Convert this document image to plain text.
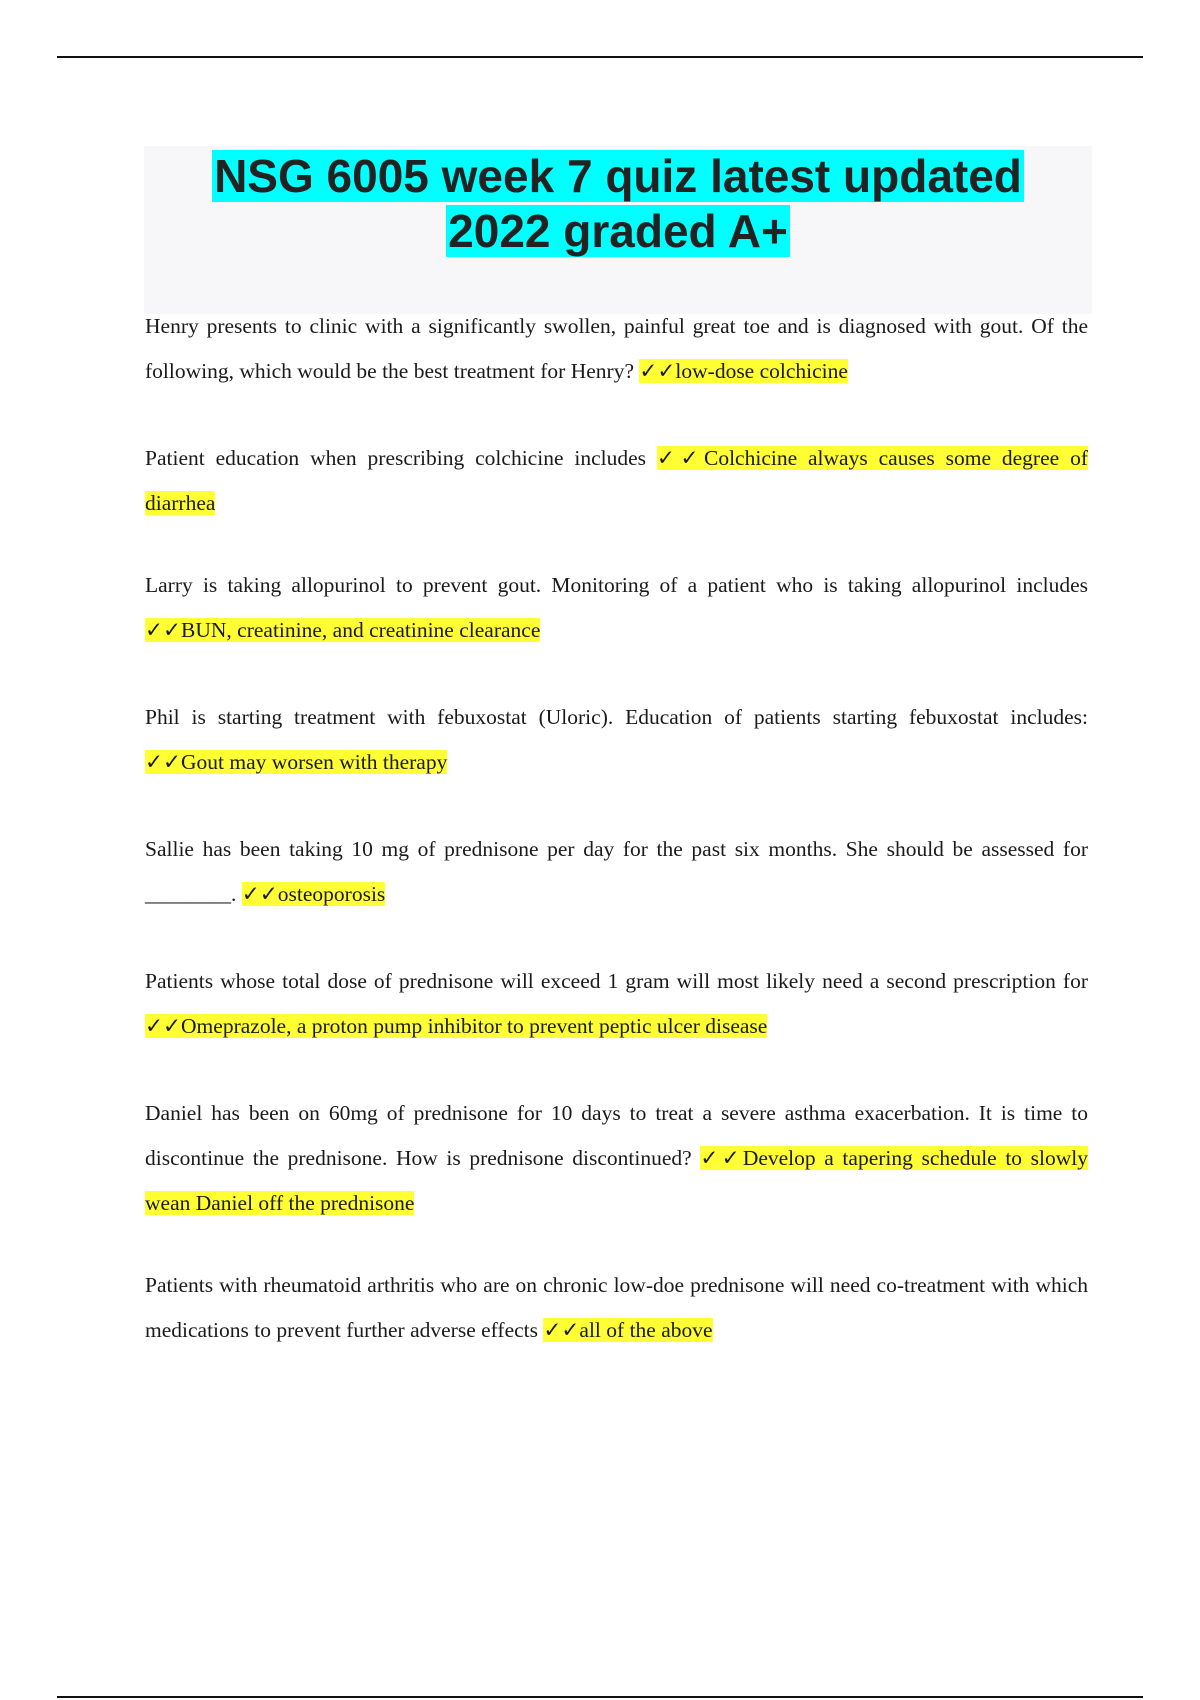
NSG 6005 week 7 quiz latest updated
2022 graded A+

Henry presents to clinic with a significantly swollen, painful great toe and is diagnosed with gout. Of the following, which would be the best treatment for Henry? ✓✓low-dose colchicine

Patient education when prescribing colchicine includes ✓✓Colchicine always causes some degree of diarrhea

Larry is taking allopurinol to prevent gout. Monitoring of a patient who is taking allopurinol includes ✓✓BUN, creatinine, and creatinine clearance

Phil is starting treatment with febuxostat (Uloric). Education of patients starting febuxostat includes: ✓✓Gout may worsen with therapy

Sallie has been taking 10 mg of prednisone per day for the past six months. She should be assessed for ________. ✓✓osteoporosis

Patients whose total dose of prednisone will exceed 1 gram will most likely need a second prescription for ✓✓Omeprazole, a proton pump inhibitor to prevent peptic ulcer disease

Daniel has been on 60mg of prednisone for 10 days to treat a severe asthma exacerbation. It is time to discontinue the prednisone. How is prednisone discontinued? ✓✓Develop a tapering schedule to slowly wean Daniel off the prednisone

Patients with rheumatoid arthritis who are on chronic low-doe prednisone will need co-treatment with which medications to prevent further adverse effects ✓✓all of the above
